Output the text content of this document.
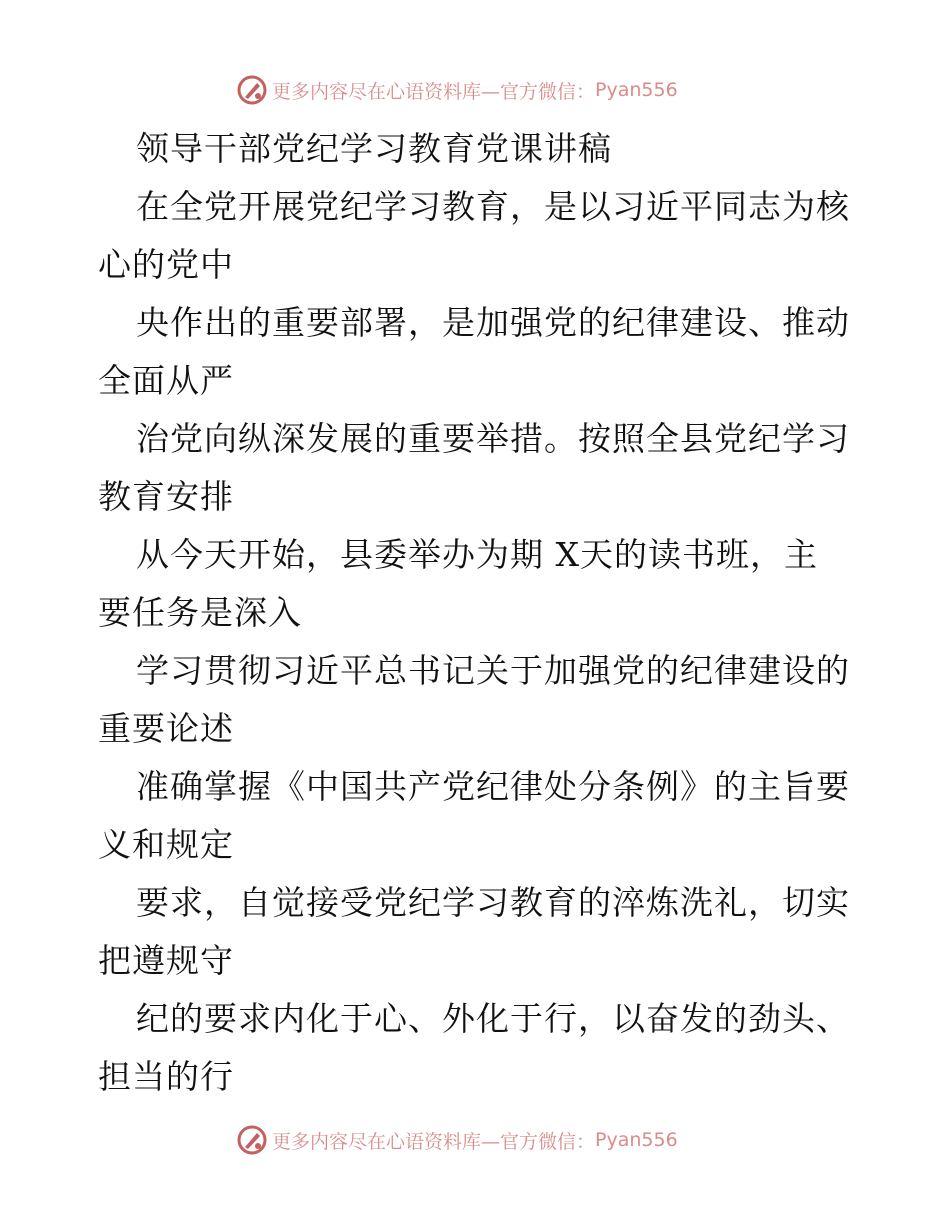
更多内容尽在心语资料库—官方微信： Pyan556
领导干部党纪学习教育党课讲稿
在全党开展党纪学习教育，是以习近平同志为核
心的党中
央作出的重要部署，是加强党的纪律建设、推动
全面从严
治党向纵深发展的重要举措。按照全县党纪学习
教育安排
从今天开始，县委举办为期 X天的读书班，主
要任务是深入
学习贯彻习近平总书记关于加强党的纪律建设的
重要论述
准确掌握《中国共产党纪律处分条例》的主旨要
义和规定
要求，自觉接受党纪学习教育的淬炼洗礼，切实
把遵规守
纪的要求内化于心、外化于行，以奋发的劲头、
担当的行
更多内容尽在心语资料库—官方微信： Pyan556
